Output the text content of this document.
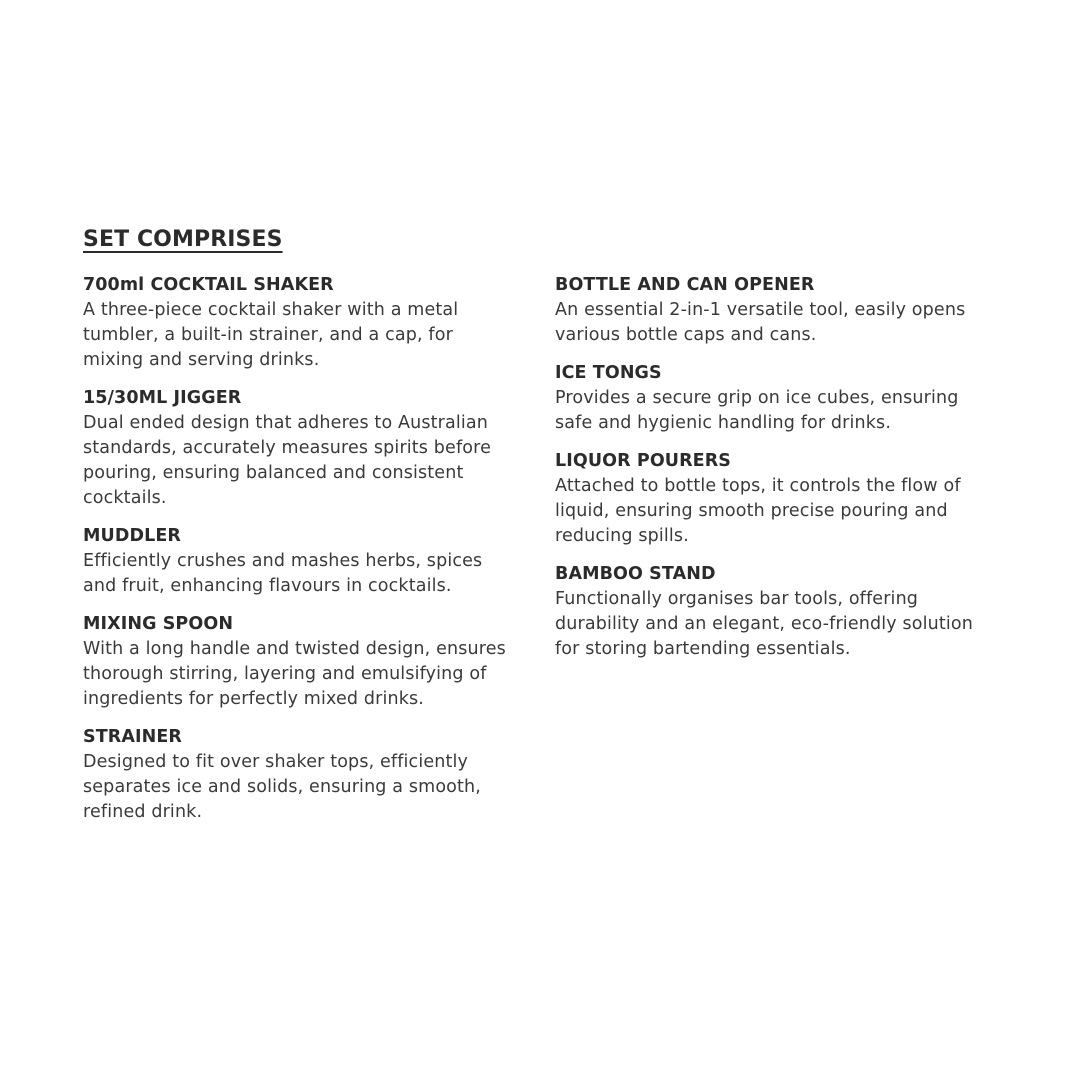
SET COMPRISES

700ml COCKTAIL SHAKER

A three-piece cocktail shaker with a metal
tumbler, a built-in strainer, and a cap, for
mixing and serving drinks.

15/30ML JIGGER

Dual ended design that adheres to Australian
standards, accurately measures spirits before
pouring, ensuring balanced and consistent
cocktails.

MUDDLER

Efficiently crushes and mashes herbs, spices
and fruit, enhancing flavours in cocktails.

MIXING SPOON

With a long handle and twisted design, ensures
thorough stirring, layering and emulsifying of
ingredients for perfectly mixed drinks.

STRAINER

Designed to fit over shaker tops, efficiently
separates ice and solids, ensuring a smooth,
refined drink.

BOTTLE AND CAN OPENER

An essential 2-in-1 versatile tool, easily opens
various bottle caps and cans.

ICE TONGS

Provides a secure grip on ice cubes, ensuring
safe and hygienic handling for drinks.

LIQUOR POURERS

Attached to bottle tops, it controls the flow of
liquid, ensuring smooth precise pouring and
reducing spills.

BAMBOO STAND

Functionally organises bar tools, offering
durability and an elegant, eco-friendly solution
for storing bartending essentials.
